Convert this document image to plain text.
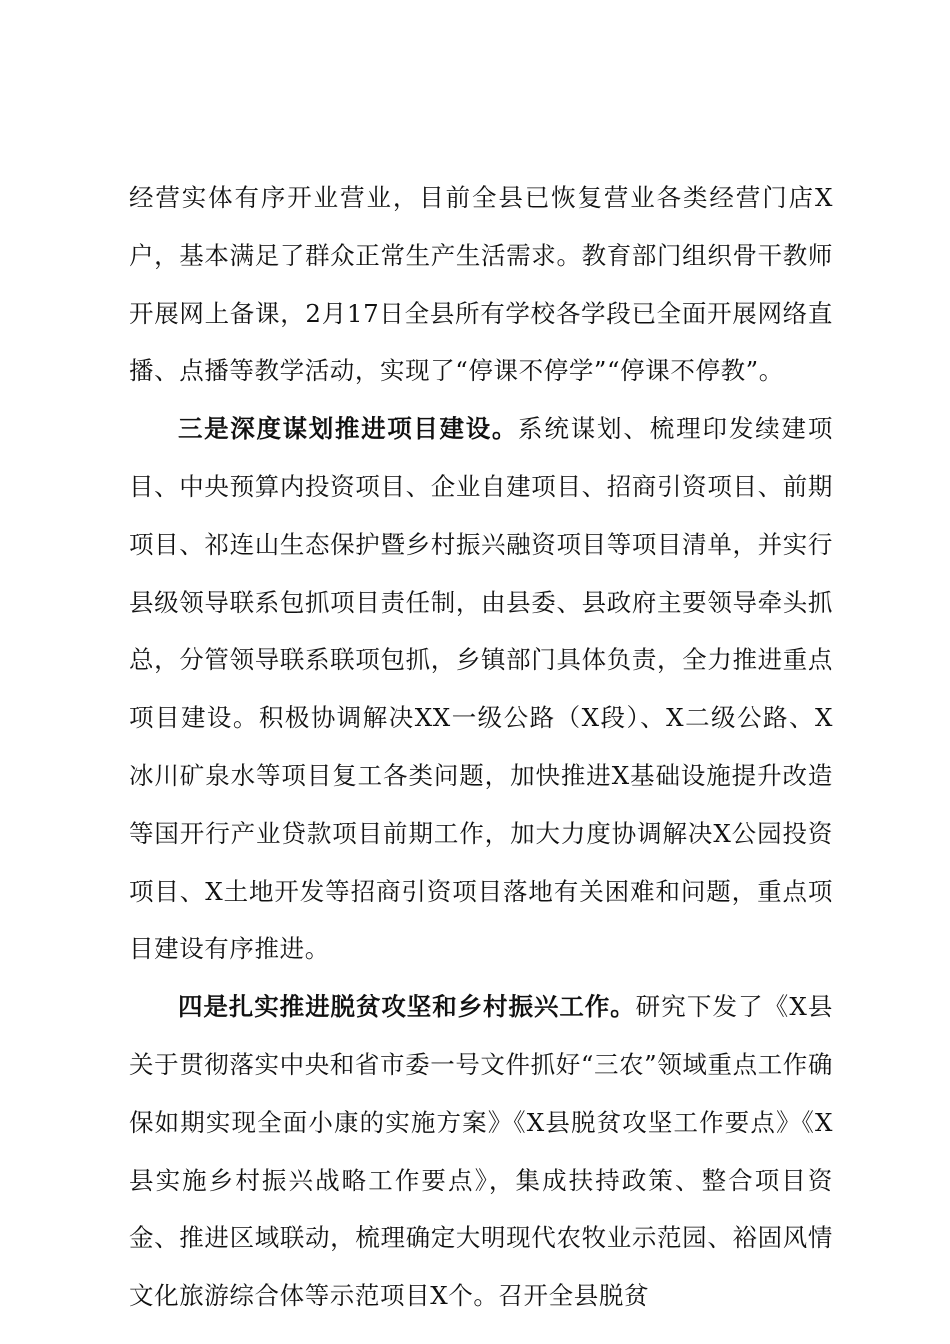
经营实体有序开业营业，目前全县已恢复营业各类经营门店X户，基本满足了群众正常生产生活需求。教育部门组织骨干教师开展网上备课，2月17日全县所有学校各学段已全面开展网络直播、点播等教学活动，实现了“停课不停学”“停课不停教”。

三是深度谋划推进项目建设。系统谋划、梳理印发续建项目、中央预算内投资项目、企业自建项目、招商引资项目、前期项目、祁连山生态保护暨乡村振兴融资项目等项目清单，并实行县级领导联系包抓项目责任制，由县委、县政府主要领导牵头抓总，分管领导联系联项包抓，乡镇部门具体负责，全力推进重点项目建设。积极协调解决XX一级公路（X段）、X二级公路、X冰川矿泉水等项目复工各类问题，加快推进X基础设施提升改造等国开行产业贷款项目前期工作，加大力度协调解决X公园投资项目、X土地开发等招商引资项目落地有关困难和问题，重点项目建设有序推进。

四是扎实推进脱贫攻坚和乡村振兴工作。研究下发了《X县关于贯彻落实中央和省市委一号文件抓好“三农”领域重点工作确保如期实现全面小康的实施方案》《X县脱贫攻坚工作要点》《X县实施乡村振兴战略工作要点》，集成扶持政策、整合项目资金、推进区域联动，梳理确定大明现代农牧业示范园、裕固风情文化旅游综合体等示范项目X个。召开全县脱贫
